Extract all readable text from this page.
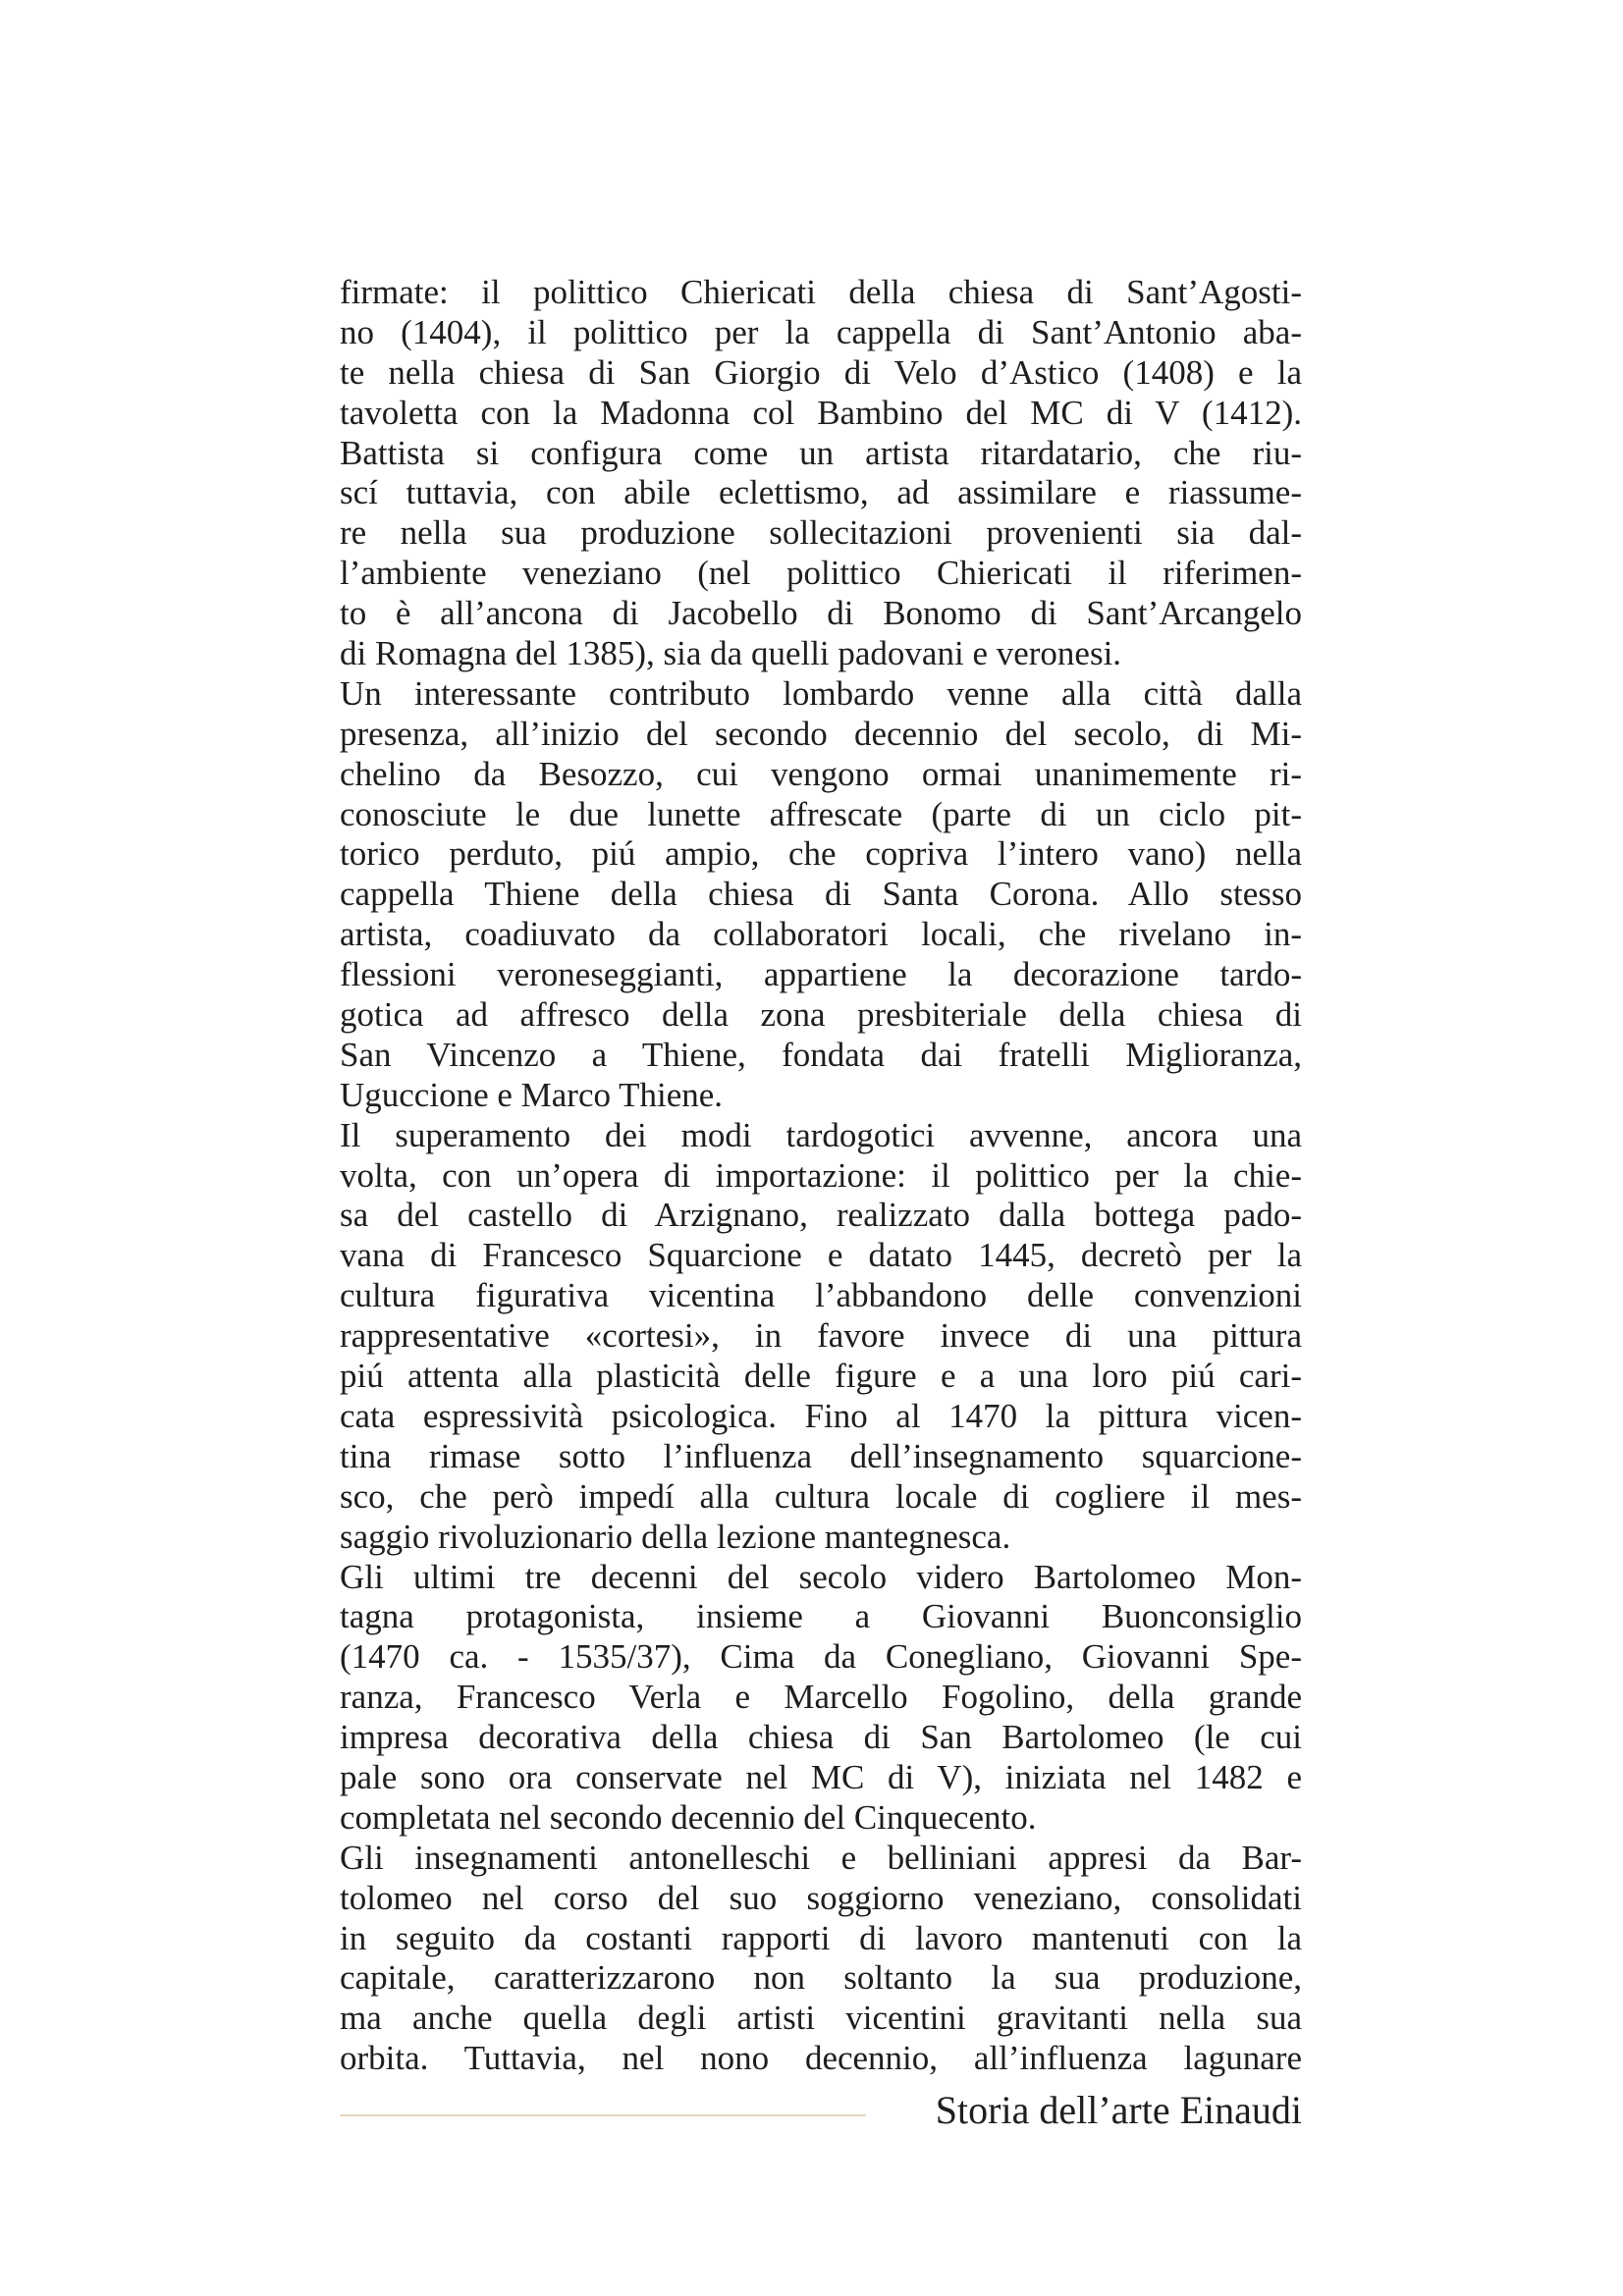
firmate: il polittico Chiericati della chiesa di Sant’Agosti-
no (1404), il polittico per la cappella di Sant’Antonio aba-
te nella chiesa di San Giorgio di Velo d’Astico (1408) e la
tavoletta con la Madonna col Bambino del MC di V (1412).
Battista si configura come un artista ritardatario, che riu-
scí tuttavia, con abile eclettismo, ad assimilare e riassume-
re nella sua produzione sollecitazioni provenienti sia dal-
l’ambiente veneziano (nel polittico Chiericati il riferimen-
to è all’ancona di Jacobello di Bonomo di Sant’Arcangelo
di Romagna del 1385), sia da quelli padovani e veronesi.
Un interessante contributo lombardo venne alla città dalla
presenza, all’inizio del secondo decennio del secolo, di Mi-
chelino da Besozzo, cui vengono ormai unanimemente ri-
conosciute le due lunette affrescate (parte di un ciclo pit-
torico perduto, piú ampio, che copriva l’intero vano) nella
cappella Thiene della chiesa di Santa Corona. Allo stesso
artista, coadiuvato da collaboratori locali, che rivelano in-
flessioni veroneseggianti, appartiene la decorazione tardo-
gotica ad affresco della zona presbiteriale della chiesa di
San Vincenzo a Thiene, fondata dai fratelli Miglioranza,
Uguccione e Marco Thiene.
Il superamento dei modi tardogotici avvenne, ancora una
volta, con un’opera di importazione: il polittico per la chie-
sa del castello di Arzignano, realizzato dalla bottega pado-
vana di Francesco Squarcione e datato 1445, decretò per la
cultura figurativa vicentina l’abbandono delle convenzioni
rappresentative «cortesi», in favore invece di una pittura
piú attenta alla plasticità delle figure e a una loro piú cari-
cata espressività psicologica. Fino al 1470 la pittura vicen-
tina rimase sotto l’influenza dell’insegnamento squarcione-
sco, che però impedí alla cultura locale di cogliere il mes-
saggio rivoluzionario della lezione mantegnesca.
Gli ultimi tre decenni del secolo videro Bartolomeo Mon-
tagna protagonista, insieme a Giovanni Buonconsiglio
(1470 ca. - 1535/37), Cima da Conegliano, Giovanni Spe-
ranza, Francesco Verla e Marcello Fogolino, della grande
impresa decorativa della chiesa di San Bartolomeo (le cui
pale sono ora conservate nel MC di V), iniziata nel 1482 e
completata nel secondo decennio del Cinquecento.
Gli insegnamenti antonelleschi e belliniani appresi da Bar-
tolomeo nel corso del suo soggiorno veneziano, consolidati
in seguito da costanti rapporti di lavoro mantenuti con la
capitale, caratterizzarono non soltanto la sua produzione,
ma anche quella degli artisti vicentini gravitanti nella sua
orbita. Tuttavia, nel nono decennio, all’influenza lagunare
Storia dell’arte Einaudi
